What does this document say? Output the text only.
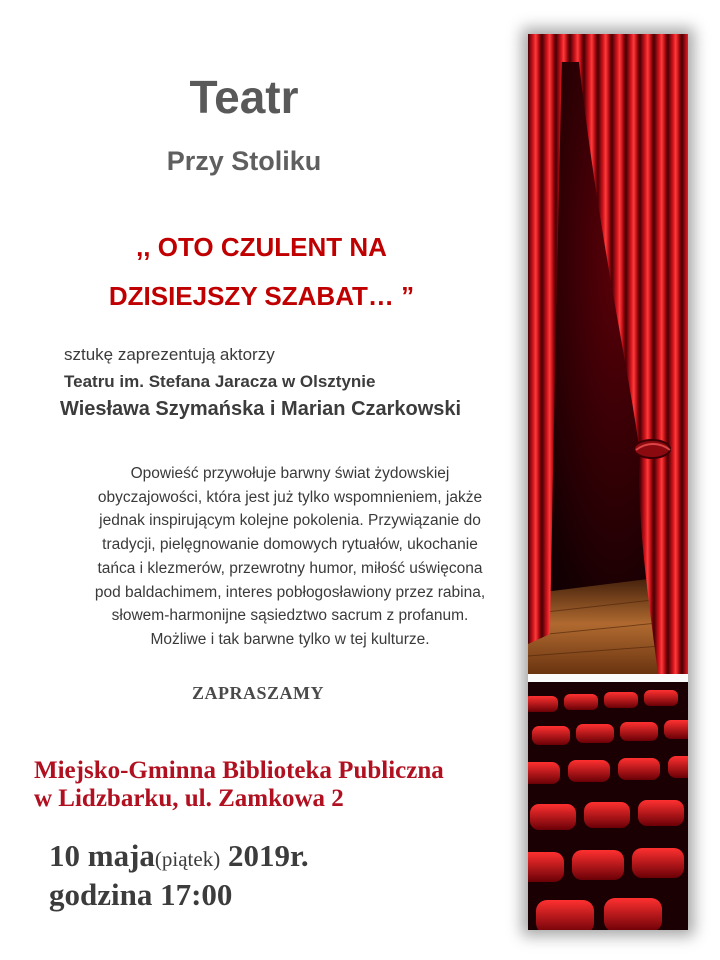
Teatr
Przy Stoliku
,, OTO CZULENT NA
DZISIEJSZY SZABAT… ”
sztukę zaprezentują aktorzy
Teatru im. Stefana Jaracza w Olsztynie
Wiesława Szymańska i Marian Czarkowski
Opowieść przywołuje barwny świat żydowskiej
obyczajowości, która jest już tylko wspomnieniem, jakże
jednak inspirującym kolejne pokolenia. Przywiązanie do
tradycji, pielęgnowanie domowych rytuałów, ukochanie
tańca i klezmerów, przewrotny humor, miłość uświęcona
pod baldachimem, interes pobłogosławiony przez rabina,
słowem-harmonijne sąsiedztwo sacrum z profanum.
Możliwe i tak barwne tylko w tej kulturze.
ZAPRASZAMY
Miejsko-Gminna Biblioteka Publiczna
w Lidzbarku, ul. Zamkowa 2
10 maja(piątek) 2019r.
godzina 17:00
